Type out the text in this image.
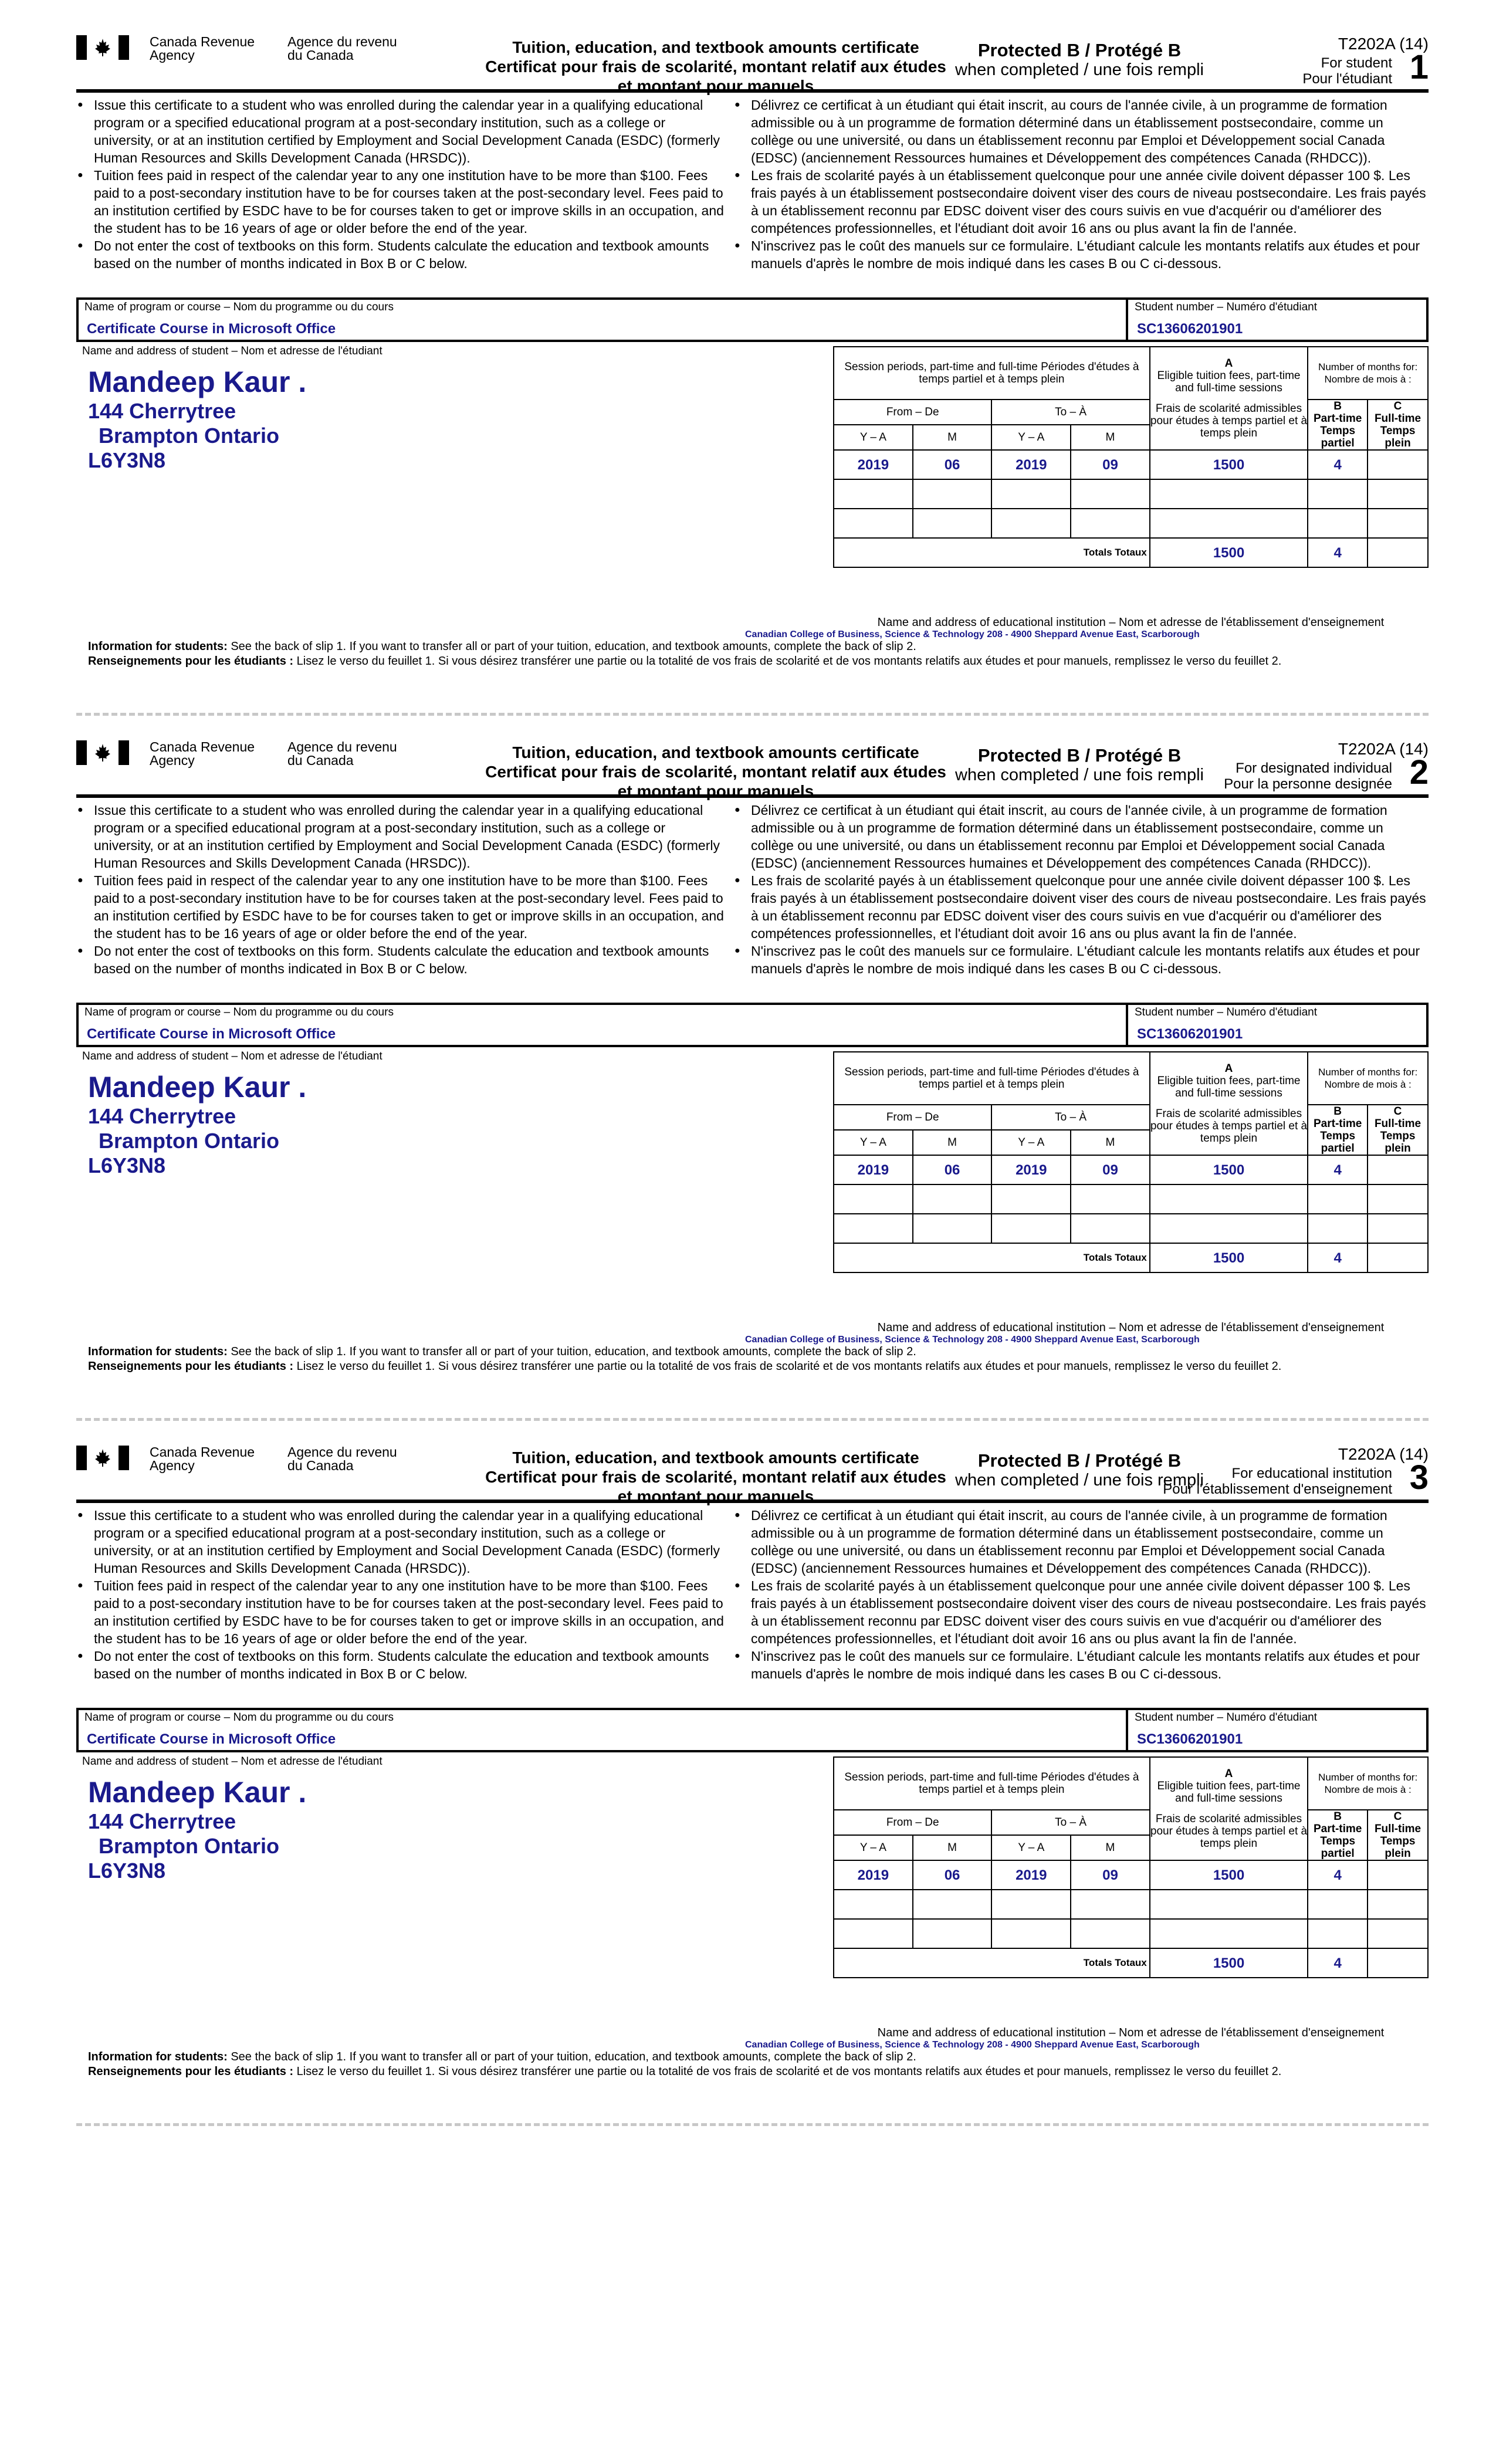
Canada Revenue
Agency
Agence du revenu
du Canada	Tuition, education, and textbook amounts certificate
Certificat pour frais de scolarité, montant relatif aux études
et montant pour manuels
Protected B / Protégé B
when completed / une fois rempli
T2202A (14)
For student
Pour l'étudiant 1
● Issue this certificate to a student who was enrolled during the calendar year in a qualifying educational program or a specified educational program at a post-secondary institution, such as a college or university, or at an institution certified by Employment and Social Development Canada (ESDC) (formerly Human Resources and Skills Development Canada (HRSDC)).
● Tuition fees paid in respect of the calendar year to any one institution have to be more than $100. Fees paid to a post-secondary institution have to be for courses taken at the post-secondary level. Fees paid to an institution certified by ESDC have to be for courses taken to get or improve skills in an occupation, and the student has to be 16 years of age or older before the end of the year.
● Do not enter the cost of textbooks on this form. Students calculate the education and textbook amounts based on the number of months indicated in Box B or C below.
● Délivrez ce certificat à un étudiant qui était inscrit, au cours de l'année civile, à un programme de formation admissible ou à un programme de formation déterminé dans un établissement postsecondaire, comme un collège ou une université, ou dans un établissement reconnu par Emploi et Développement social Canada (EDSC) (anciennement Ressources humaines et Développement des compétences Canada (RHDCC)).
● Les frais de scolarité payés à un établissement quelconque pour une année civile doivent dépasser 100 $. Les frais payés à un établissement postsecondaire doivent viser des cours de niveau postsecondaire. Les frais payés à un établissement reconnu par EDSC doivent viser des cours suivis en vue d'acquérir ou d'améliorer des compétences professionnelles, et l'étudiant doit avoir 16 ans ou plus avant la fin de l'année.
● N'inscrivez pas le coût des manuels sur ce formulaire. L'étudiant calcule les montants relatifs aux études et pour manuels d'après le nombre de mois indiqué dans les cases B ou C ci-dessous.
Name of program or course – Nom du programme ou du cours
Certificate Course in Microsoft Office
Student number – Numéro d'étudiant
SC13606201901
Name and address of student – Nom et adresse de l'étudiant
Mandeep Kaur .
144 Cherrytree
 Brampton Ontario
L6Y3N8
Session periods, part-time and full-time Périodes d'études à temps partiel et à temps plein				A
Eligible tuition fees, part-time and full-time sessions
Frais de scolarité admissibles pour études à temps partiel et à temps plein	Number of months for: Nombre de mois à :	
From – De		To – À			B
Part-time Temps partiel	C
Full-time Temps plein

Y – A	M	Y – A	M			
2019	06	2019	09	1500	4	

Totals Totaux				1500	4	
Name and address of educational institution – Nom et adresse de l'établissement d'enseignement
Canadian College of Business, Science & Technology 208 - 4900 Sheppard Avenue East, Scarborough
Information for students: See the back of slip 1. If you want to transfer all or part of your tuition, education, and textbook amounts, complete the back of slip 2.
Renseignements pour les étudiants : Lisez le verso du feuillet 1. Si vous désirez transférer une partie ou la totalité de vos frais de scolarité et de vos montants relatifs aux études et pour manuels, remplissez le verso du feuillet 2.
Canada Revenue
Agency
Agence du revenu
du Canada	Tuition, education, and textbook amounts certificate
Certificat pour frais de scolarité, montant relatif aux études
et montant pour manuels
Protected B / Protégé B
when completed / une fois rempli
T2202A (14)
For designated individual
Pour la personne designée 2
● Issue this certificate to a student who was enrolled during the calendar year in a qualifying educational program or a specified educational program at a post-secondary institution, such as a college or university, or at an institution certified by Employment and Social Development Canada (ESDC) (formerly Human Resources and Skills Development Canada (HRSDC)).
● Tuition fees paid in respect of the calendar year to any one institution have to be more than $100. Fees paid to a post-secondary institution have to be for courses taken at the post-secondary level. Fees paid to an institution certified by ESDC have to be for courses taken to get or improve skills in an occupation, and the student has to be 16 years of age or older before the end of the year.
● Do not enter the cost of textbooks on this form. Students calculate the education and textbook amounts based on the number of months indicated in Box B or C below.
● Délivrez ce certificat à un étudiant qui était inscrit, au cours de l'année civile, à un programme de formation admissible ou à un programme de formation déterminé dans un établissement postsecondaire, comme un collège ou une université, ou dans un établissement reconnu par Emploi et Développement social Canada (EDSC) (anciennement Ressources humaines et Développement des compétences Canada (RHDCC)).
● Les frais de scolarité payés à un établissement quelconque pour une année civile doivent dépasser 100 $. Les frais payés à un établissement postsecondaire doivent viser des cours de niveau postsecondaire. Les frais payés à un établissement reconnu par EDSC doivent viser des cours suivis en vue d'acquérir ou d'améliorer des compétences professionnelles, et l'étudiant doit avoir 16 ans ou plus avant la fin de l'année.
● N'inscrivez pas le coût des manuels sur ce formulaire. L'étudiant calcule les montants relatifs aux études et pour manuels d'après le nombre de mois indiqué dans les cases B ou C ci-dessous.
Name of program or course – Nom du programme ou du cours
Certificate Course in Microsoft Office
Student number – Numéro d'étudiant
SC13606201901
Name and address of student – Nom et adresse de l'étudiant
Mandeep Kaur .
144 Cherrytree
 Brampton Ontario
L6Y3N8
Session periods, part-time and full-time Périodes d'études à temps partiel et à temps plein				A
Eligible tuition fees, part-time and full-time sessions
Frais de scolarité admissibles pour études à temps partiel et à temps plein	Number of months for: Nombre de mois à :	
From – De		To – À			B
Part-time Temps partiel	C
Full-time Temps plein

Y – A	M	Y – A	M			
2019	06	2019	09	1500	4	

Totals Totaux				1500	4	
Name and address of educational institution – Nom et adresse de l'établissement d'enseignement
Canadian College of Business, Science & Technology 208 - 4900 Sheppard Avenue East, Scarborough
Information for students: See the back of slip 1. If you want to transfer all or part of your tuition, education, and textbook amounts, complete the back of slip 2.
Renseignements pour les étudiants : Lisez le verso du feuillet 1. Si vous désirez transférer une partie ou la totalité de vos frais de scolarité et de vos montants relatifs aux études et pour manuels, remplissez le verso du feuillet 2.
Canada Revenue
Agency
Agence du revenu
du Canada	Tuition, education, and textbook amounts certificate
Certificat pour frais de scolarité, montant relatif aux études
et montant pour manuels
Protected B / Protégé B
when completed / une fois rempli
T2202A (14)
For educational institution
Pour l'établissement d'enseignement 3
● Issue this certificate to a student who was enrolled during the calendar year in a qualifying educational program or a specified educational program at a post-secondary institution, such as a college or university, or at an institution certified by Employment and Social Development Canada (ESDC) (formerly Human Resources and Skills Development Canada (HRSDC)).
● Tuition fees paid in respect of the calendar year to any one institution have to be more than $100. Fees paid to a post-secondary institution have to be for courses taken at the post-secondary level. Fees paid to an institution certified by ESDC have to be for courses taken to get or improve skills in an occupation, and the student has to be 16 years of age or older before the end of the year.
● Do not enter the cost of textbooks on this form. Students calculate the education and textbook amounts based on the number of months indicated in Box B or C below.
● Délivrez ce certificat à un étudiant qui était inscrit, au cours de l'année civile, à un programme de formation admissible ou à un programme de formation déterminé dans un établissement postsecondaire, comme un collège ou une université, ou dans un établissement reconnu par Emploi et Développement social Canada (EDSC) (anciennement Ressources humaines et Développement des compétences Canada (RHDCC)).
● Les frais de scolarité payés à un établissement quelconque pour une année civile doivent dépasser 100 $. Les frais payés à un établissement postsecondaire doivent viser des cours de niveau postsecondaire. Les frais payés à un établissement reconnu par EDSC doivent viser des cours suivis en vue d'acquérir ou d'améliorer des compétences professionnelles, et l'étudiant doit avoir 16 ans ou plus avant la fin de l'année.
● N'inscrivez pas le coût des manuels sur ce formulaire. L'étudiant calcule les montants relatifs aux études et pour manuels d'après le nombre de mois indiqué dans les cases B ou C ci-dessous.
Name of program or course – Nom du programme ou du cours
Certificate Course in Microsoft Office
Student number – Numéro d'étudiant
SC13606201901
Name and address of student – Nom et adresse de l'étudiant
Mandeep Kaur .
144 Cherrytree
 Brampton Ontario
L6Y3N8
Session periods, part-time and full-time Périodes d'études à temps partiel et à temps plein				A
Eligible tuition fees, part-time and full-time sessions
Frais de scolarité admissibles pour études à temps partiel et à temps plein	Number of months for: Nombre de mois à :	
From – De		To – À			B
Part-time Temps partiel	C
Full-time Temps plein

Y – A	M	Y – A	M			
2019	06	2019	09	1500	4	

Totals Totaux				1500	4	
Name and address of educational institution – Nom et adresse de l'établissement d'enseignement
Canadian College of Business, Science & Technology 208 - 4900 Sheppard Avenue East, Scarborough
Information for students: See the back of slip 1. If you want to transfer all or part of your tuition, education, and textbook amounts, complete the back of slip 2.
Renseignements pour les étudiants : Lisez le verso du feuillet 1. Si vous désirez transférer une partie ou la totalité de vos frais de scolarité et de vos montants relatifs aux études et pour manuels, remplissez le verso du feuillet 2.
